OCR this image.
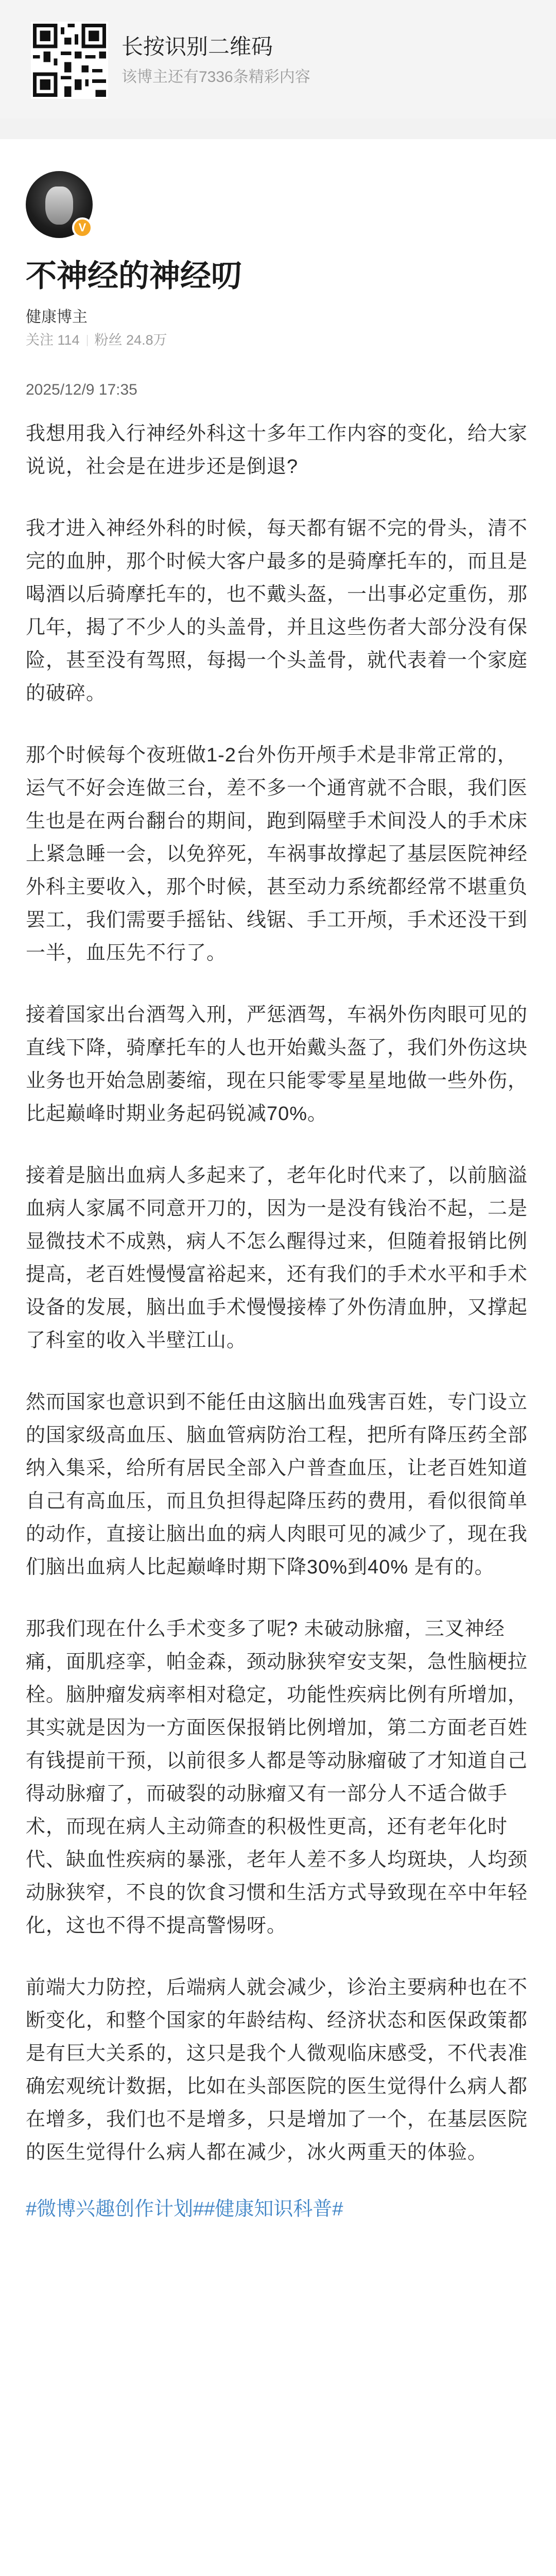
长按识别二维码
该博主还有7336条精彩内容
V
不神经的神经叨
健康博主
关注 114 粉丝 24.8万
2025/12/9 17:35

我想用我入行神经外科这十多年工作内容的变化，给大家说说，社会是在进步还是倒退?

我才进入神经外科的时候，每天都有锯不完的骨头，清不完的血肿，那个时候大客户最多的是骑摩托车的，而且是喝酒以后骑摩托车的，也不戴头盔，一出事必定重伤，那几年，揭了不少人的头盖骨，并且这些伤者大部分没有保险，甚至没有驾照，每揭一个头盖骨，就代表着一个家庭的破碎。

那个时候每个夜班做1-2台外伤开颅手术是非常正常的，运气不好会连做三台，差不多一个通宵就不合眼，我们医生也是在两台翻台的期间，跑到隔壁手术间没人的手术床上紧急睡一会，以免猝死，车祸事故撑起了基层医院神经外科主要收入，那个时候，甚至动力系统都经常不堪重负罢工，我们需要手摇钻、线锯、手工开颅，手术还没干到一半，血压先不行了。

接着国家出台酒驾入刑，严惩酒驾，车祸外伤肉眼可见的直线下降，骑摩托车的人也开始戴头盔了，我们外伤这块业务也开始急剧萎缩，现在只能零零星星地做一些外伤，比起巅峰时期业务起码锐减70%。

接着是脑出血病人多起来了，老年化时代来了，以前脑溢血病人家属不同意开刀的，因为一是没有钱治不起，二是显微技术不成熟，病人不怎么醒得过来，但随着报销比例提高，老百姓慢慢富裕起来，还有我们的手术水平和手术设备的发展，脑出血手术慢慢接棒了外伤清血肿，又撑起了科室的收入半壁江山。

然而国家也意识到不能任由这脑出血残害百姓，专门设立的国家级高血压、脑血管病防治工程，把所有降压药全部纳入集采，给所有居民全部入户普查血压，让老百姓知道自己有高血压，而且负担得起降压药的费用，看似很简单的动作，直接让脑出血的病人肉眼可见的减少了，现在我们脑出血病人比起巅峰时期下降30%到40% 是有的。

那我们现在什么手术变多了呢? 未破动脉瘤，三叉神经痛，面肌痉挛，帕金森，颈动脉狭窄安支架，急性脑梗拉栓。脑肿瘤发病率相对稳定，功能性疾病比例有所增加，其实就是因为一方面医保报销比例增加，第二方面老百姓有钱提前干预，以前很多人都是等动脉瘤破了才知道自己得动脉瘤了，而破裂的动脉瘤又有一部分人不适合做手术，而现在病人主动筛查的积极性更高，还有老年化时代、缺血性疾病的暴涨，老年人差不多人均斑块，人均颈动脉狭窄，不良的饮食习惯和生活方式导致现在卒中年轻化，这也不得不提高警惕呀。

前端大力防控，后端病人就会减少，诊治主要病种也在不断变化，和整个国家的年龄结构、经济状态和医保政策都是有巨大关系的，这只是我个人微观临床感受，不代表准确宏观统计数据，比如在头部医院的医生觉得什么病人都在增多，我们也不是增多，只是增加了一个，在基层医院的医生觉得什么病人都在减少，冰火两重天的体验。

#微博兴趣创作计划##健康知识科普#
